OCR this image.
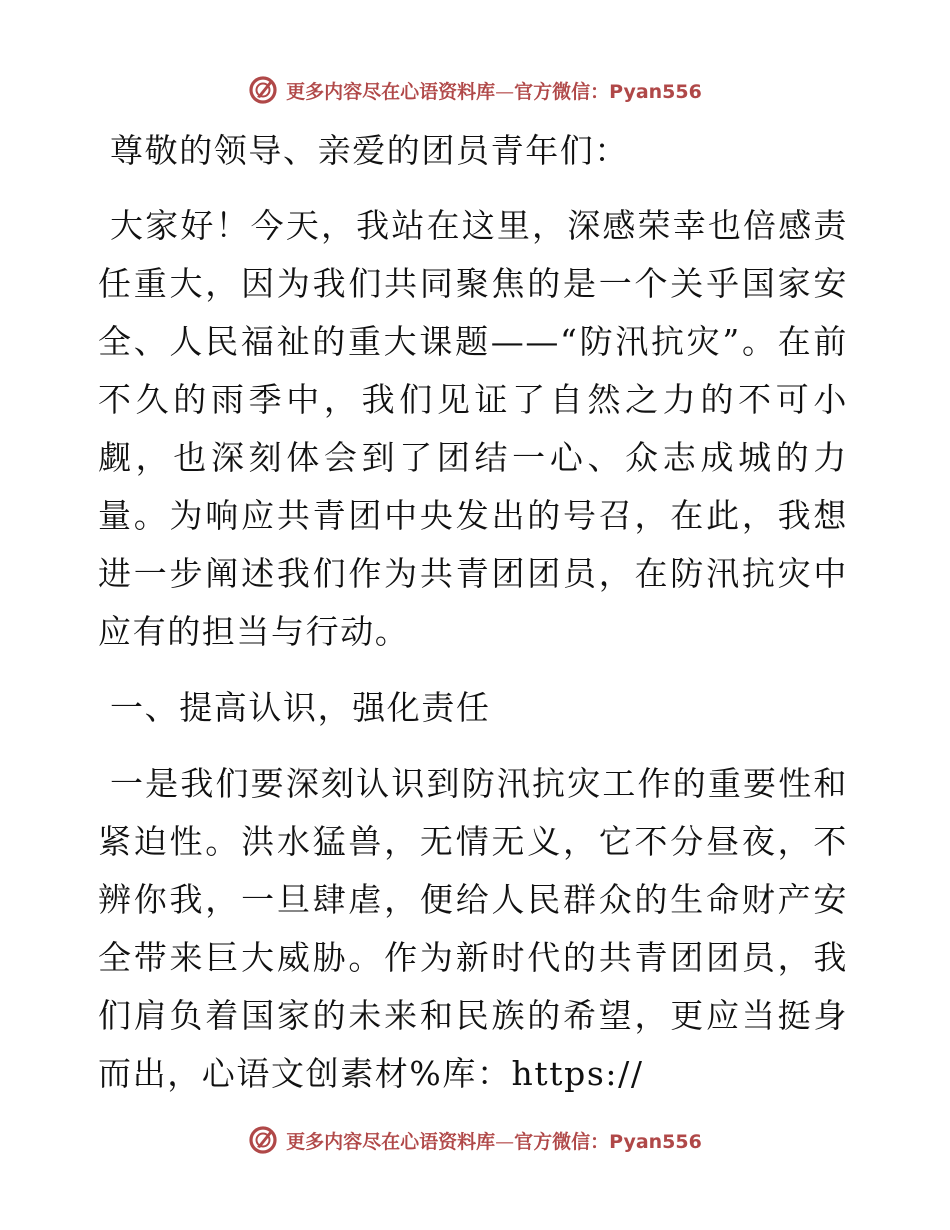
更多内容尽在心语资料库—官方微信：Pyan556

尊敬的领导、亲爱的团员青年们：

大家好！今天，我站在这里，深感荣幸也倍感责任重大，因为我们共同聚焦的是一个关乎国家安全、人民福祉的重大课题——“防汛抗灾”。在前不久的雨季中，我们见证了自然之力的不可小觑，也深刻体会到了团结一心、众志成城的力量。为响应共青团中央发出的号召，在此，我想进一步阐述我们作为共青团团员，在防汛抗灾中应有的担当与行动。

一、提高认识，强化责任

一是我们要深刻认识到防汛抗灾工作的重要性和紧迫性。洪水猛兽，无情无义，它不分昼夜，不辨你我，一旦肆虐，便给人民群众的生命财产安全带来巨大威胁。作为新时代的共青团团员，我们肩负着国家的未来和民族的希望，更应当挺身而出，心语文创素材%库：https://

更多内容尽在心语资料库—官方微信：Pyan556
